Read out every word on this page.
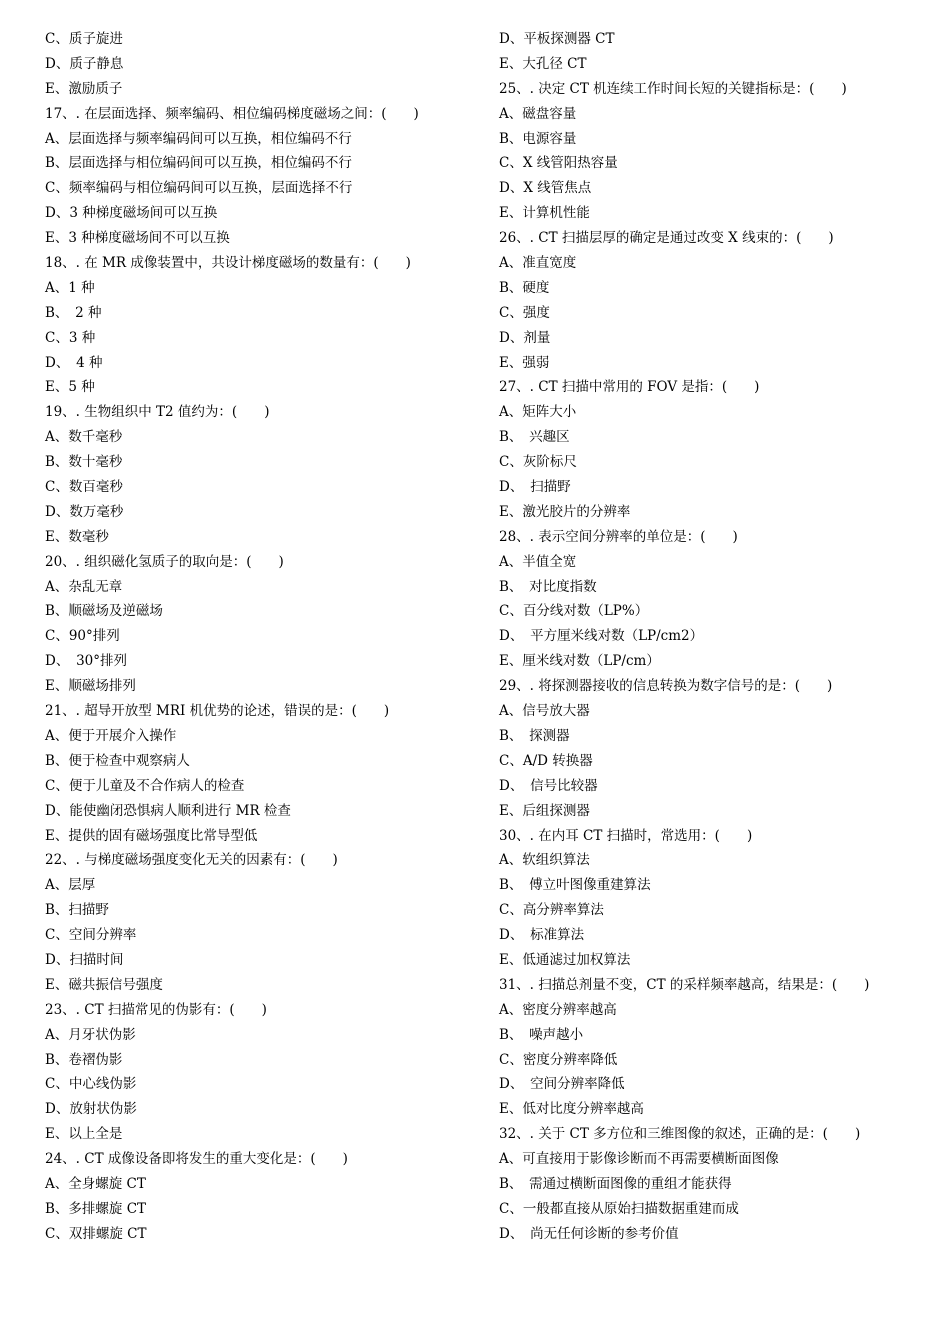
C、质子旋进
D、质子静息
E、激励质子
17、. 在层面选择、频率编码、相位编码梯度磁场之间：(　　)
A、层面选择与频率编码间可以互换，相位编码不行
B、层面选择与相位编码间可以互换，相位编码不行
C、频率编码与相位编码间可以互换，层面选择不行
D、3 种梯度磁场间可以互换
E、3 种梯度磁场间不可以互换
18、. 在 MR 成像装置中，共设计梯度磁场的数量有：(　　)
A、1 种
B、　2 种
C、3 种
D、　4 种
E、5 种
19、. 生物组织中 T2 值约为：(　　)
A、数千毫秒
B、数十毫秒
C、数百毫秒
D、数万毫秒
E、数毫秒
20、. 组织磁化氢质子的取向是：(　　)
A、杂乱无章
B、顺磁场及逆磁场
C、90°排列
D、　30°排列
E、顺磁场排列
21、. 超导开放型 MRI 机优势的论述，错误的是：(　　)
A、便于开展介入操作
B、便于检查中观察病人
C、便于儿童及不合作病人的检查
D、能使幽闭恐惧病人顺利进行 MR 检查
E、提供的固有磁场强度比常导型低
22、. 与梯度磁场强度变化无关的因素有：(　　)
A、层厚
B、扫描野
C、空间分辨率
D、扫描时间
E、磁共振信号强度
23、. CT 扫描常见的伪影有：(　　)
A、月牙状伪影
B、卷褶伪影
C、中心线伪影
D、放射状伪影
E、以上全是
24、. CT 成像设备即将发生的重大变化是：(　　)
A、全身螺旋 CT
B、多排螺旋 CT
C、双排螺旋 CT
D、平板探测器 CT
E、大孔径 CT
25、. 决定 CT 机连续工作时间长短的关键指标是：(　　)
A、磁盘容量
B、电源容量
C、X 线管阳热容量
D、X 线管焦点
E、计算机性能
26、. CT 扫描层厚的确定是通过改变 X 线束的：(　　)
A、准直宽度
B、硬度
C、强度
D、剂量
E、强弱
27、. CT 扫描中常用的 FOV 是指：(　　)
A、矩阵大小
B、　兴趣区
C、灰阶标尺
D、　扫描野
E、激光胶片的分辨率
28、. 表示空间分辨率的单位是：(　　)
A、半值全宽
B、　对比度指数
C、百分线对数（LP%）
D、　平方厘米线对数（LP/cm2）
E、厘米线对数（LP/cm）
29、. 将探测器接收的信息转换为数字信号的是：(　　)
A、信号放大器
B、　探测器
C、A/D 转换器
D、　信号比较器
E、后组探测器
30、. 在内耳 CT 扫描时，常选用：(　　)
A、软组织算法
B、　傅立叶图像重建算法
C、高分辨率算法
D、　标准算法
E、低通滤过加权算法
31、. 扫描总剂量不变，CT 的采样频率越高，结果是：(　　)
A、密度分辨率越高
B、　噪声越小
C、密度分辨率降低
D、　空间分辨率降低
E、低对比度分辨率越高
32、. 关于 CT 多方位和三维图像的叙述，正确的是：(　　)
A、可直接用于影像诊断而不再需要横断面图像
B、　需通过横断面图像的重组才能获得
C、一般都直接从原始扫描数据重建而成
D、　尚无任何诊断的参考价值
